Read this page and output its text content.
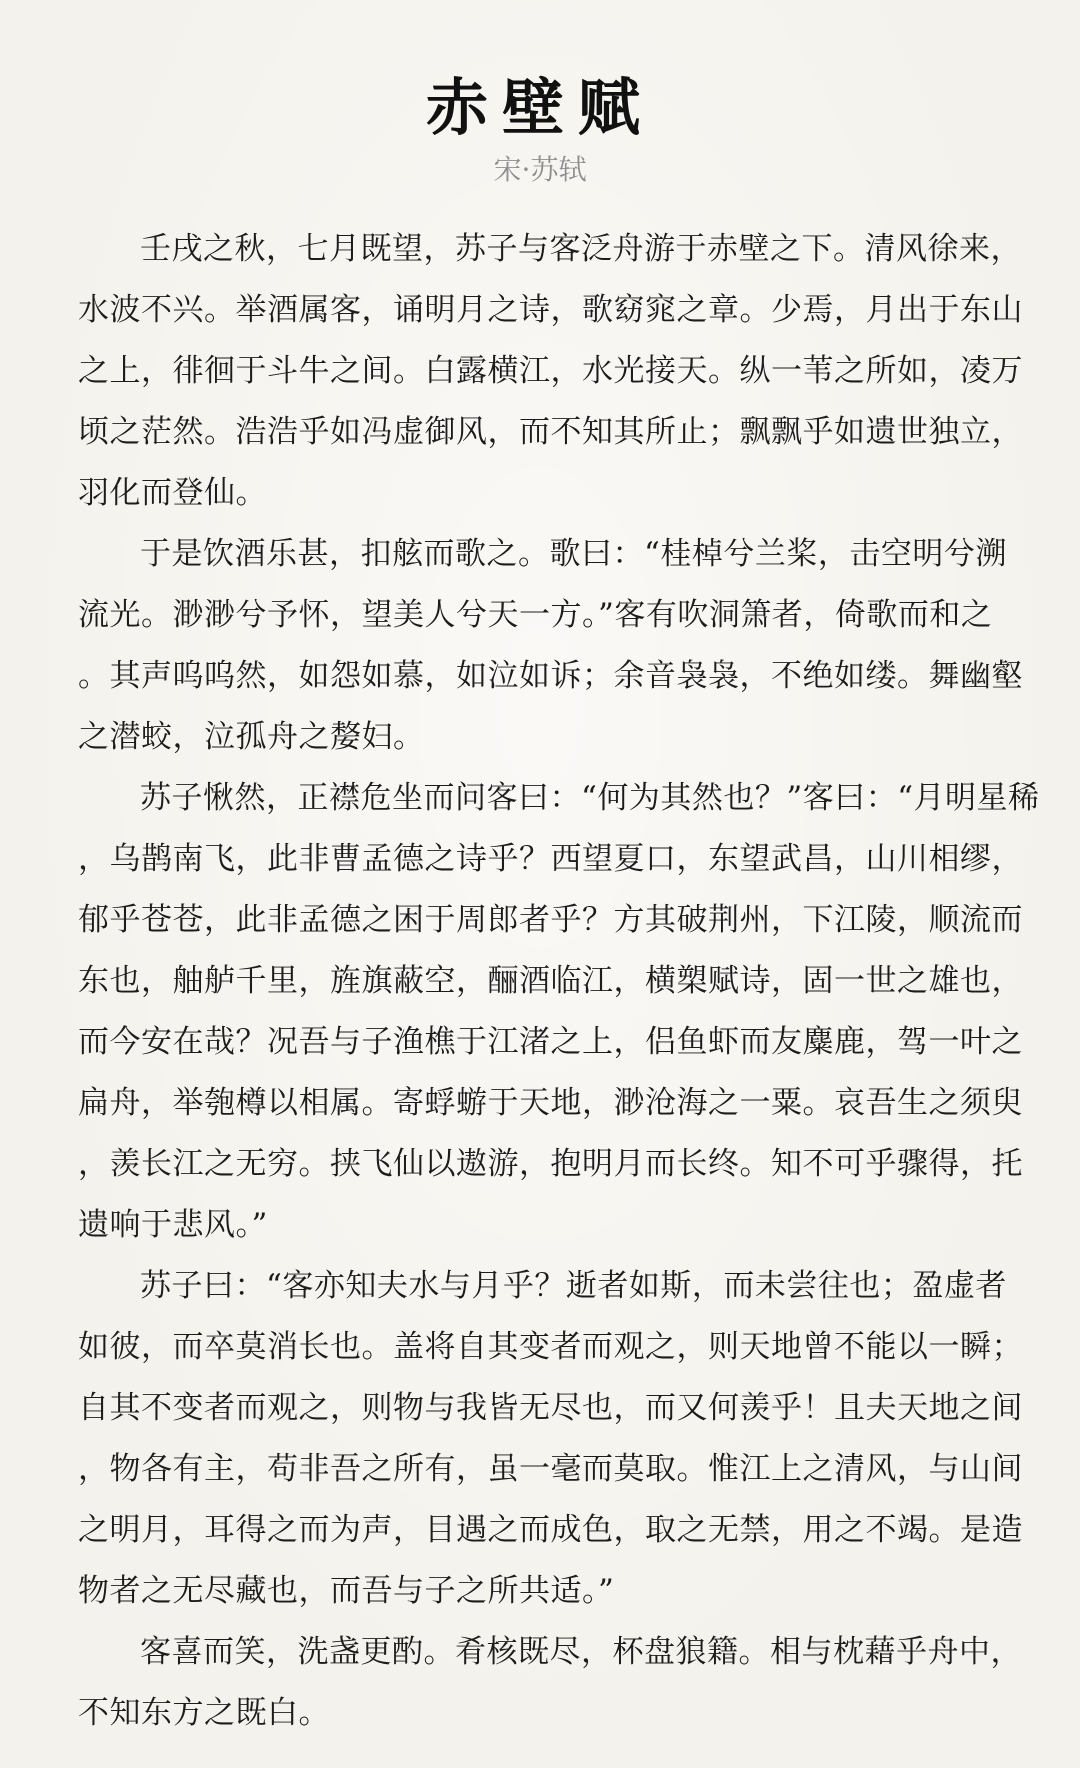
赤壁赋

宋·苏轼

壬戌之秋，七月既望，苏子与客泛舟游于赤壁之下。清风徐来，
水波不兴。举酒属客，诵明月之诗，歌窈窕之章。少焉，月出于东山
之上，徘徊于斗牛之间。白露横江，水光接天。纵一苇之所如，凌万
顷之茫然。浩浩乎如冯虚御风，而不知其所止；飘飘乎如遗世独立，
羽化而登仙。
于是饮酒乐甚，扣舷而歌之。歌曰：“桂棹兮兰桨，击空明兮溯
流光。渺渺兮予怀，望美人兮天一方。”客有吹洞箫者，倚歌而和之
。其声呜呜然，如怨如慕，如泣如诉；余音袅袅，不绝如缕。舞幽壑
之潜蛟，泣孤舟之嫠妇。
苏子愀然，正襟危坐而问客曰：“何为其然也？”客曰：“月明星稀
，乌鹊南飞，此非曹孟德之诗乎？西望夏口，东望武昌，山川相缪，
郁乎苍苍，此非孟德之困于周郎者乎？方其破荆州，下江陵，顺流而
东也，舳舻千里，旌旗蔽空，酾酒临江，横槊赋诗，固一世之雄也，
而今安在哉？况吾与子渔樵于江渚之上，侣鱼虾而友麋鹿，驾一叶之
扁舟，举匏樽以相属。寄蜉蝣于天地，渺沧海之一粟。哀吾生之须臾
，羡长江之无穷。挟飞仙以遨游，抱明月而长终。知不可乎骤得，托
遗响于悲风。”
苏子曰：“客亦知夫水与月乎？逝者如斯，而未尝往也；盈虚者
如彼，而卒莫消长也。盖将自其变者而观之，则天地曾不能以一瞬；
自其不变者而观之，则物与我皆无尽也，而又何羡乎！且夫天地之间
，物各有主，苟非吾之所有，虽一毫而莫取。惟江上之清风，与山间
之明月，耳得之而为声，目遇之而成色，取之无禁，用之不竭。是造
物者之无尽藏也，而吾与子之所共适。”
客喜而笑，洗盏更酌。肴核既尽，杯盘狼籍。相与枕藉乎舟中，
不知东方之既白。
